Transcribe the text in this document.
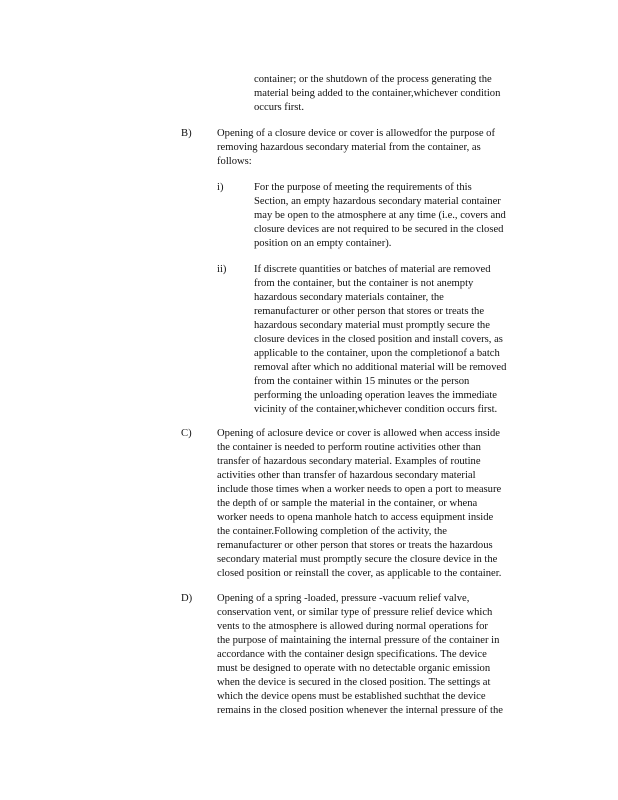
container; or the shutdown of the process generating the
material being added to the container,whichever condition
occurs first.
B) Opening of a closure device or cover is allowedfor the purpose of
removing hazardous secondary material from the container, as
follows:
i)	For the purpose of meeting the requirements of this
Section, an empty hazardous secondary material container
may be open to the atmosphere at any time (i.e., covers and
closure devices are not required to be secured in the closed
position on an empty container).
ii)	If discrete quantities or batches of material are removed
from the container, but the container is not anempty
hazardous secondary materials container, the
remanufacturer or other person that stores or treats the
hazardous secondary material must promptly secure the
closure devices in the closed position and install covers, as
applicable to the container, upon the completionof a batch
removal after which no additional material will be removed
from the container within 15 minutes or the person
performing the unloading operation leaves the immediate
vicinity of the container,whichever condition occurs first.
C) Opening of aclosure device or cover is allowed when access inside
the container is needed to perform routine activities other than
transfer of hazardous secondary material. Examples of routine
activities other than transfer of hazardous secondary material
include those times when a worker needs to open a port to measure
the depth of or sample the material in the container, or whena
worker needs to opena manhole hatch to access equipment inside
the container.Following completion of the activity, the
remanufacturer or other person that stores or treats the hazardous
secondary material must promptly secure the closure device in the
closed position or reinstall the cover, as applicable to the container.
D) Opening of a spring -loaded, pressure -vacuum relief valve,
conservation vent, or similar type of pressure relief device which
vents to the atmosphere is allowed during normal operations for
the purpose of maintaining the internal pressure of the container in
accordance with the container design specifications. The device
must be designed to operate with no detectable organic emission
when the device is secured in the closed position. The settings at
which the device opens must be established suchthat the device
remains in the closed position whenever the internal pressure of the
